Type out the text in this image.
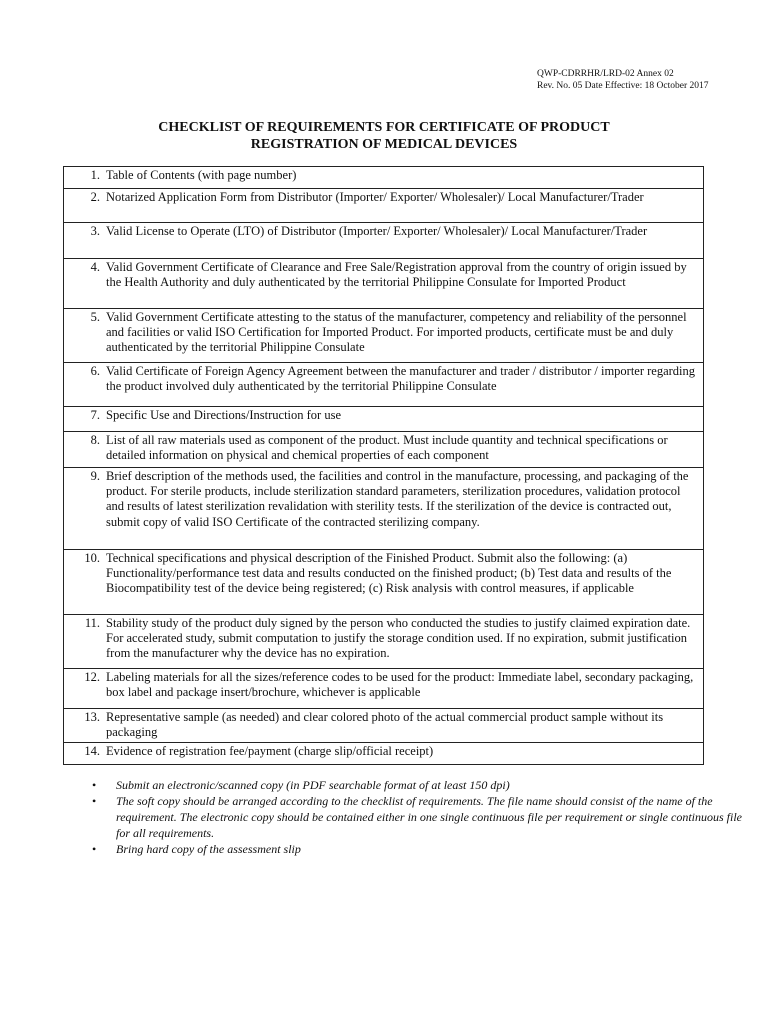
QWP-CDRRHR/LRD-02 Annex 02
Rev. No. 05 Date Effective: 18 October 2017
CHECKLIST OF REQUIREMENTS FOR CERTIFICATE OF PRODUCT
REGISTRATION OF MEDICAL DEVICES
1.	Table of Contents (with page number)
2.	Notarized Application Form from Distributor (Importer/ Exporter/ Wholesaler)/ Local Manufacturer/Trader
3.	Valid License to Operate (LTO) of Distributor (Importer/ Exporter/ Wholesaler)/ Local Manufacturer/Trader
4.	Valid Government Certificate of Clearance and Free Sale/Registration approval from the country of origin issued by the Health Authority and duly authenticated by the territorial Philippine Consulate for Imported Product
5.	Valid Government Certificate attesting to the status of the manufacturer, competency and reliability of the personnel and facilities or valid ISO Certification for Imported Product. For imported products, certificate must be and duly authenticated by the territorial Philippine Consulate
6.	Valid Certificate of Foreign Agency Agreement between the manufacturer and trader / distributor / importer regarding the product involved duly authenticated by the territorial Philippine Consulate
7.	Specific Use and Directions/Instruction for use
8.	List of all raw materials used as component of the product. Must include quantity and technical specifications or detailed information on physical and chemical properties of each component
9.	Brief description of the methods used, the facilities and control in the manufacture, processing, and packaging of the product. For sterile products, include sterilization standard parameters, sterilization procedures, validation protocol and results of latest sterilization revalidation with sterility tests. If the sterilization of the device is contracted out, submit copy of valid ISO Certificate of the contracted sterilizing company.
10.	Technical specifications and physical description of the Finished Product. Submit also the following: (a) Functionality/performance test data and results conducted on the finished product; (b) Test data and results of the Biocompatibility test of the device being registered; (c) Risk analysis with control measures, if applicable
11.	Stability study of the product duly signed by the person who conducted the studies to justify claimed expiration date. For accelerated study, submit computation to justify the storage condition used. If no expiration, submit justification from the manufacturer why the device has no expiration.
12.	Labeling materials for all the sizes/reference codes to be used for the product: Immediate label, secondary packaging, box label and package insert/brochure, whichever is applicable
13.	Representative sample (as needed) and clear colored photo of the actual commercial product sample without its packaging
14.	Evidence of registration fee/payment (charge slip/official receipt)
• Submit an electronic/scanned copy (in PDF searchable format of at least 150 dpi)
• The soft copy should be arranged according to the checklist of requirements. The file name should consist of the name of the requirement. The electronic copy should be contained either in one single continuous file per requirement or single continuous file for all requirements.
• Bring hard copy of the assessment slip
